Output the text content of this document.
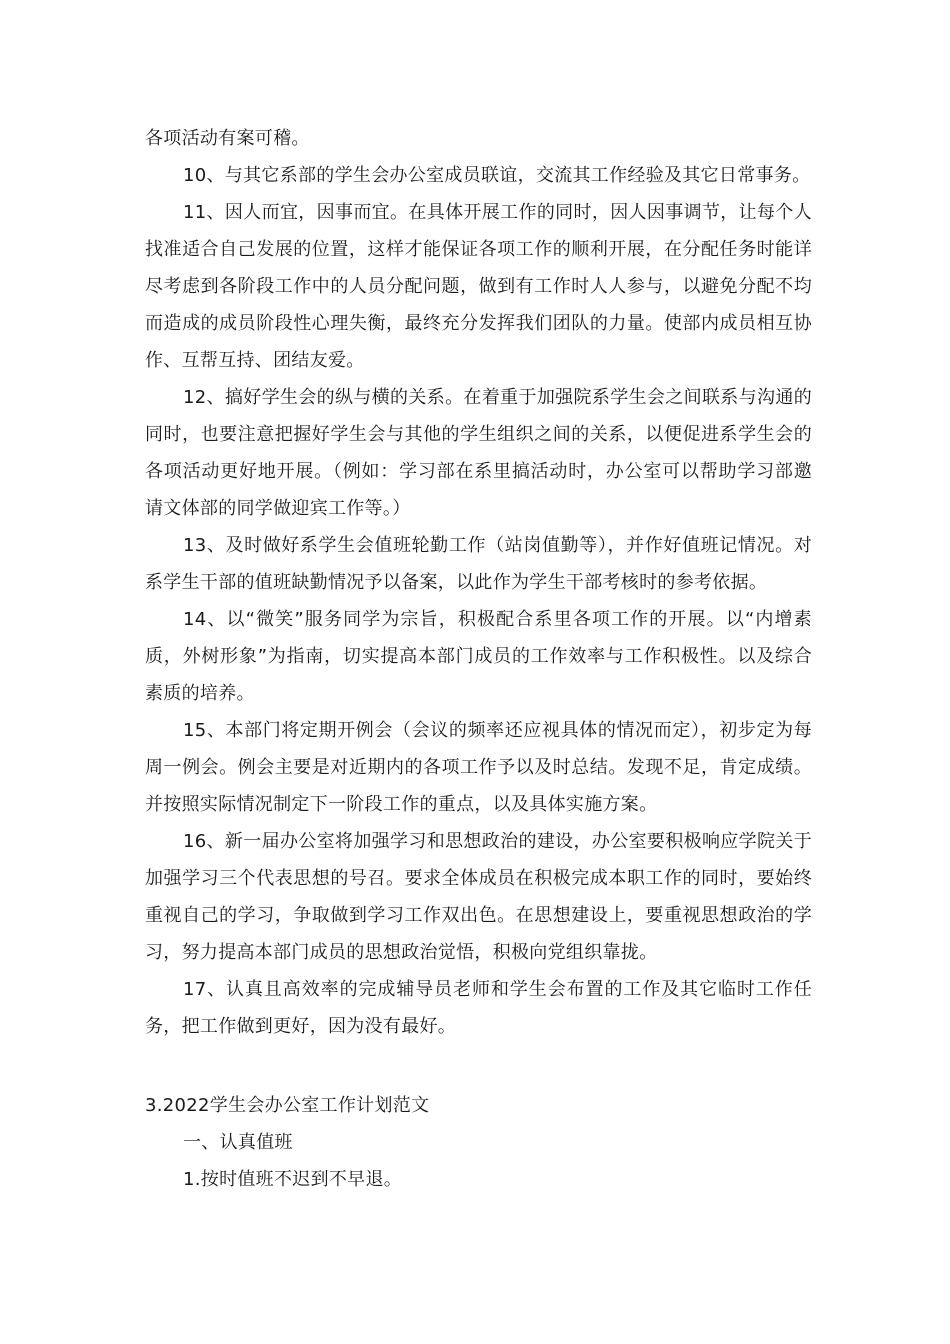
各项活动有案可稽。

10、与其它系部的学生会办公室成员联谊，交流其工作经验及其它日常事务。

11、因人而宜，因事而宜。在具体开展工作的同时，因人因事调节，让每个人找准适合自己发展的位置，这样才能保证各项工作的顺利开展，在分配任务时能详尽考虑到各阶段工作中的人员分配问题，做到有工作时人人参与，以避免分配不均而造成的成员阶段性心理失衡，最终充分发挥我们团队的力量。使部内成员相互协作、互帮互持、团结友爱。

12、搞好学生会的纵与横的关系。在着重于加强院系学生会之间联系与沟通的同时，也要注意把握好学生会与其他的学生组织之间的关系，以便促进系学生会的各项活动更好地开展。（例如：学习部在系里搞活动时，办公室可以帮助学习部邀请文体部的同学做迎宾工作等。）

13、及时做好系学生会值班轮勤工作（站岗值勤等），并作好值班记情况。对系学生干部的值班缺勤情况予以备案，以此作为学生干部考核时的参考依据。

14、以“微笑”服务同学为宗旨，积极配合系里各项工作的开展。以“内增素质，外树形象”为指南，切实提高本部门成员的工作效率与工作积极性。以及综合素质的培养。

15、本部门将定期开例会（会议的频率还应视具体的情况而定），初步定为每周一例会。例会主要是对近期内的各项工作予以及时总结。发现不足，肯定成绩。并按照实际情况制定下一阶段工作的重点，以及具体实施方案。

16、新一届办公室将加强学习和思想政治的建设，办公室要积极响应学院关于加强学习三个代表思想的号召。要求全体成员在积极完成本职工作的同时，要始终重视自己的学习，争取做到学习工作双出色。在思想建设上，要重视思想政治的学习，努力提高本部门成员的思想政治觉悟，积极向党组织靠拢。

17、认真且高效率的完成辅导员老师和学生会布置的工作及其它临时工作任务，把工作做到更好，因为没有最好。

3.2022学生会办公室工作计划范文

一、认真值班

1.按时值班不迟到不早退。
